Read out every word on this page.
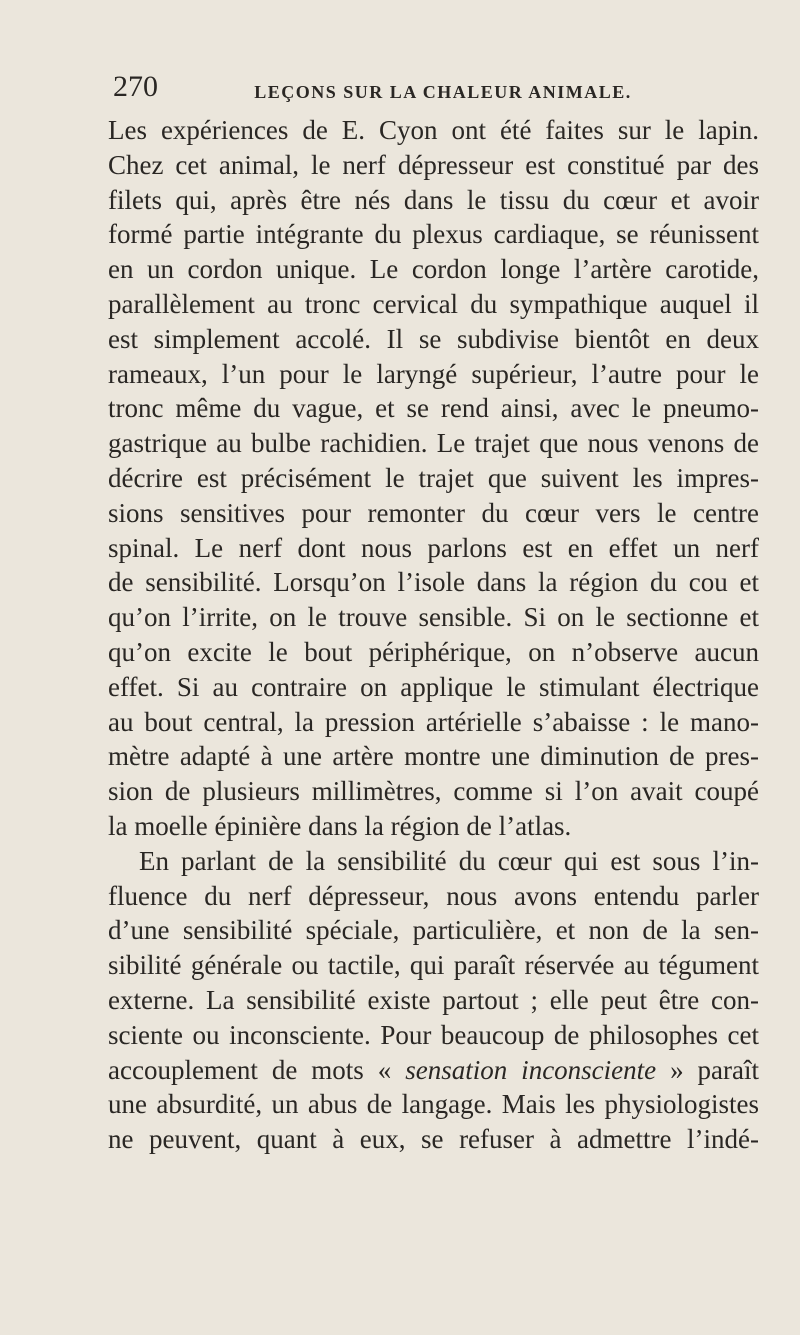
270	LEÇONS SUR LA CHALEUR ANIMALE.
Les expériences de E. Cyon ont été faites sur le lapin.
Chez cet animal, le nerf dépresseur est constitué par des
filets qui, après être nés dans le tissu du cœur et avoir
formé partie intégrante du plexus cardiaque, se réunissent
en un cordon unique. Le cordon longe l’artère carotide,
parallèlement au tronc cervical du sympathique auquel il
est simplement accolé. Il se subdivise bientôt en deux
rameaux, l’un pour le laryngé supérieur, l’autre pour le
tronc même du vague, et se rend ainsi, avec le pneumo-
gastrique au bulbe rachidien. Le trajet que nous venons de
décrire est précisément le trajet que suivent les impres-
sions sensitives pour remonter du cœur vers le centre
spinal. Le nerf dont nous parlons est en effet un nerf
de sensibilité. Lorsqu’on l’isole dans la région du cou et
qu’on l’irrite, on le trouve sensible. Si on le sectionne et
qu’on excite le bout périphérique, on n’observe aucun
effet. Si au contraire on applique le stimulant électrique
au bout central, la pression artérielle s’abaisse : le mano-
mètre adapté à une artère montre une diminution de pres-
sion de plusieurs millimètres, comme si l’on avait coupé
la moelle épinière dans la région de l’atlas.
En parlant de la sensibilité du cœur qui est sous l’in-
fluence du nerf dépresseur, nous avons entendu parler
d’une sensibilité spéciale, particulière, et non de la sen-
sibilité générale ou tactile, qui paraît réservée au tégument
externe. La sensibilité existe partout ; elle peut être con-
sciente ou inconsciente. Pour beaucoup de philosophes cet
accouplement de mots « sensation inconsciente » paraît
une absurdité, un abus de langage. Mais les physiologistes
ne peuvent, quant à eux, se refuser à admettre l’indé-
